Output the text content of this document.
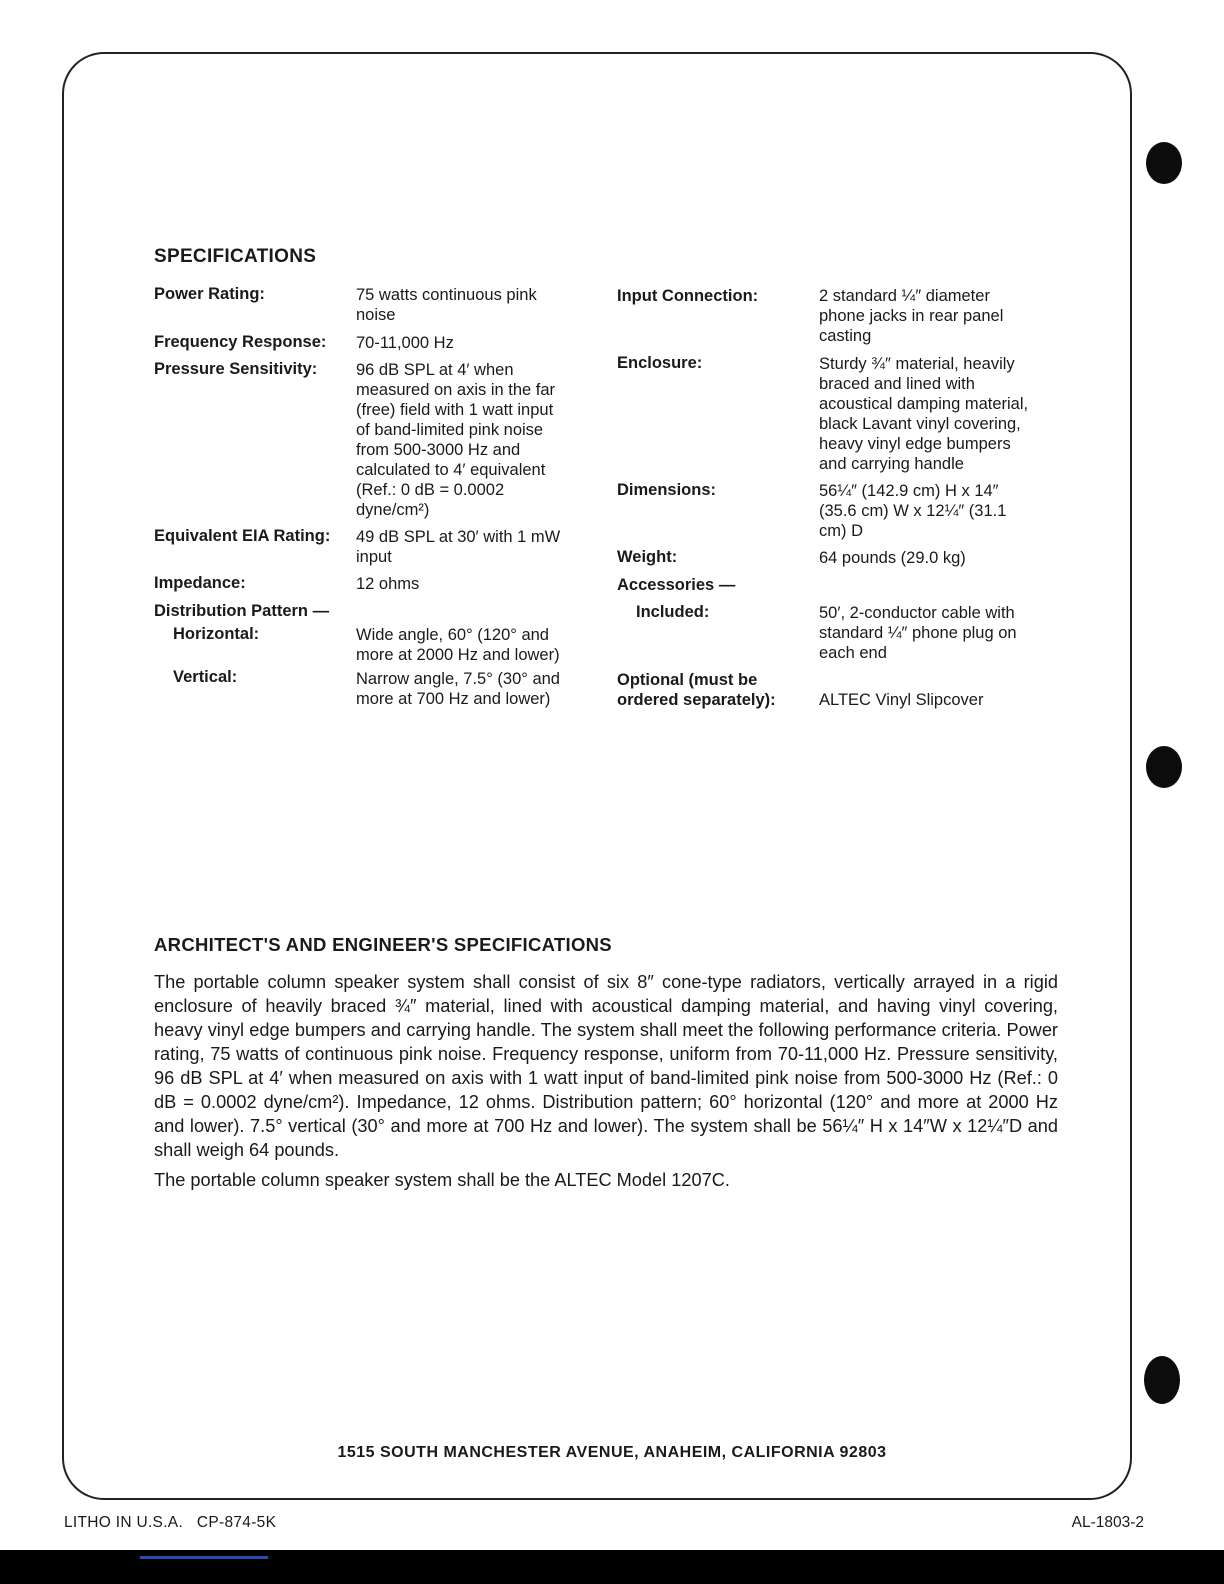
SPECIFICATIONS
Power Rating:	75 watts continuous pink
noise
Frequency Response: 70-11,000 Hz
Pressure Sensitivity: 96 dB SPL at 4′ when
measured on axis in the far
(free) field with 1 watt input
of band-limited pink noise
from 500-3000 Hz and
calculated to 4′ equivalent
(Ref.: 0 dB = 0.0002
dyne/cm²)
Equivalent EIA Rating: 49 dB SPL at 30′ with 1 mW
input
Impedance:	12 ohms
Distribution Pattern —
Horizontal:	Wide angle, 60° (120° and
more at 2000 Hz and lower)
Vertical:	Narrow angle, 7.5° (30° and
more at 700 Hz and lower)
Input Connection:	2 standard ¼″ diameter
phone jacks in rear panel
casting
Enclosure:	Sturdy ¾″ material, heavily
braced and lined with
acoustical damping material,
black Lavant vinyl covering,
heavy vinyl edge bumpers
and carrying handle
Dimensions:	56¼″ (142.9 cm) H x 14″
(35.6 cm) W x 12¼″ (31.1
cm) D
Weight:	64 pounds (29.0 kg)
Accessories —
Included:	50′, 2-conductor cable with
standard ¼″ phone plug on
each end
Optional (must be
ordered separately):	ALTEC Vinyl Slipcover
ARCHITECT'S AND ENGINEER'S SPECIFICATIONS

The portable column speaker system shall consist of six 8″ cone-type radiators, vertically arrayed in a rigid enclosure of heavily braced ¾″ material, lined with acoustical damping material, and having vinyl covering, heavy vinyl edge bumpers and carrying handle. The system shall meet the following performance criteria. Power rating, 75 watts of continuous pink noise. Frequency response, uniform from 70-11,000 Hz. Pressure sensitivity, 96 dB SPL at 4′ when measured on axis with 1 watt input of band-limited pink noise from 500-3000 Hz (Ref.: 0 dB = 0.0002 dyne/cm²). Impedance, 12 ohms. Distribution pattern; 60° horizontal (120° and more at 2000 Hz and lower). 7.5° vertical (30° and more at 700 Hz and lower). The system shall be 56¼″ H x 14″W x 12¼″D and shall weigh 64 pounds.

The portable column speaker system shall be the ALTEC Model 1207C.

1515 SOUTH MANCHESTER AVENUE, ANAHEIM, CALIFORNIA 92803

LITHO IN U.S.A.   CP-874-5K	AL-1803-2
